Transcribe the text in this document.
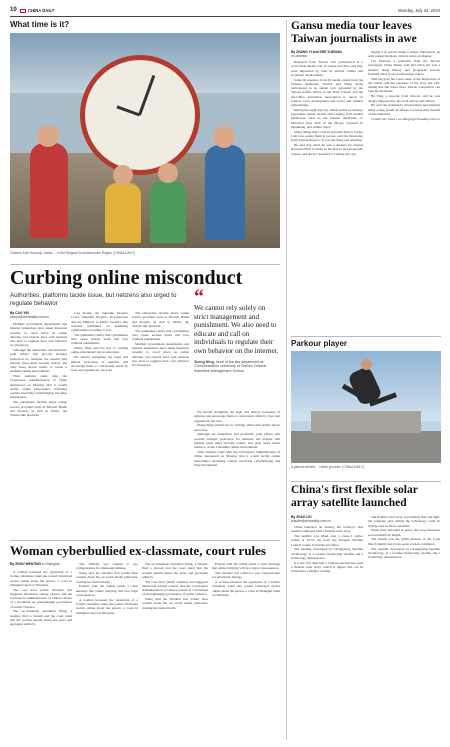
10	CHINA DAILY	Monday, July 24, 2023
What time is it?
Children from Hezuoqi, Gansu ... in the Ningxia Hui Autonomous Region. [CHINA DAILY]
Curbing online misconduct
Authorities, platforms tackle issue, but netizens also urged to regulate behavior
By CAO YIN
caoyin@chinadaily.com.cn

Multiple government departments and internet enterprises have taken measures recently to crack down on online disorder, but experts have said netizens also have to regulate their own behavior in cyberspace.

Although the authorities and platforms' joint efforts will provide stronger protection for netizens, the experts said internet users must become orderly and obey more moral norms to create a healthier online environment.

Their remarks came after the Cyberspace Administration of China announced on Monday that it would rectify online misconduct, including content involving cyberbullying and false information.

The enterprises include major online service providers such as Tencent, Baidu and Douyin, as well as Weibo, the Twitter-like platform.

Last month, the Supreme People's Court, Supreme People's Procuratorate and the Ministry of Public Security also released guidelines on punishing cyberbullies according to law.

The guidelines clarify that cyberbullies who cause serious harm will face criminal punishment.

Zheng Ning said the key to curbing online misconduct lies in education.

We should strengthen the legal and ethical awareness of netizens and encourage them to consciously abide by laws and regulations, she said.

The enterprises include major online service providers such as Tencent, Baidu and Douyin, as well as Weibo, the Twitter-like platform.

The guidelines clarify that cyberbullies who cause serious harm will face criminal punishment.

Multiple government departments and internet enterprises have taken measures recently to crack down on online disorder, but experts have said netizens also have to regulate their own behavior in cyberspace.

“
We cannot rely solely on strict management and punishment. We also need to educate and call on individuals to regulate their own behavior on the internet.
Zheng Ning, head of the law department at Communication University of China's Cultural Industries Management School

We should strengthen the legal and ethical awareness of netizens and encourage them to consciously abide by laws and regulations, she said.

Zheng Ning said the key to curbing online misconduct lies in education.

Although the authorities and platforms' joint efforts will provide stronger protection for netizens, the experts said internet users must become orderly and obey more moral norms to create a healthier online environment.

Their remarks came after the Cyberspace Administration of China announced on Monday that it would rectify online misconduct, including content involving cyberbullying and false information.

Woman cyberbullied ex-classmate, court rules
By ZHOU WENTING in Shanghai

A woman harassed the reputation of a former classmate when she posted fabricated stories online about the person, a court in Shanghai ruled on Thursday.

The case drew public attention and triggered discussion among experts and the Cyberspace Administration of China's release of a document on strengthening governance of online violence.

The ex-classmate surnamed Wang, a student, filed a lawsuit and the court ruled that the woman should delete the posts and apologize publicly.

The offender was ordered to pay compensation for emotional damage.

Wang said the offender had posted false content about her on social media platforms, causing her mental harm.

Experts said the ruling sends a clear message that online bullying will face legal consequences.

A woman harassed the reputation of a former classmate when she posted fabricated stories online about the person, a court in Shanghai ruled on Thursday.

The ex-classmate surnamed Wang, a student, filed a lawsuit and the court ruled that the woman should delete the posts and apologize publicly.

The case drew public attention and triggered discussion among experts and the Cyberspace Administration of China's release of a document on strengthening governance of online violence.

Wang said the offender had posted false content about her on social media platforms, causing her mental harm.

Experts said the ruling sends a clear message that online bullying will face legal consequences.

The offender was ordered to pay compensation for emotional damage.

A woman harassed the reputation of a former classmate when she posted fabricated stories online about the person, a court in Shanghai ruled on Thursday.

Gansu media tour leaves Taiwan journalists in awe
By ZHANG YI and SHE YUEXIAN
in Lanzhou

Reporters from Taiwan who participated in a cross-Strait media tour of Gansu province said they were impressed by both its ancient culture and economic development.

Some 40 reporters from 20 media outlets from the Chinese mainland, Taiwan and Hong Kong participated in an annual tour organized by the Taiwan Affairs Office of the State Council and the All-China Journalists Association to report on Gansu's local development and social and cultural undertakings.

During the eight-day trip, which ended on Sunday, journalists visited various sites ranging from natural landscapes such as the Danxia landforms, to historical sites such as the Mogao Grottoes in Dunhuang, and culture relics.

Many things that I read in previous history books, I am now seeing them in person, said Ou Xiaoliang, from Taiwan Reports. 'It was shocking and amazing.'

He said that when he was a student, he learned about the Hexi Corridor in his history and geography classes, and always dreamed of visiting the city.

Seeing it in person made a deeper impression, he said, noting the many cultural relics on display.

Liu Xiaowei, a journalist from the Taiwan newspaper China Times, said that when she was a student, many history and geography lessons featured cities in the northwestern region.

This trip gave me a true sense of the integration of the culture and the openness of the land, she said, adding that she hopes more Taiwan compatriots can visit the mainland.

He Ting, a reporter from Taiwan, said he was deeply impressed by the local history and culture.

He said the mainland's development had inspired many young people in Taiwan to pursue their dreams on the mainland.

Contact the writers at zhangyi@chinadaily.com.cn

Parkour player
A parkour athlete ... Hebei province. [CHINA DAILY]
China's first flexible solar array satellite launched
By ZHAO LEI
zhaolei@chinadaily.com.cn

China launched on Sunday the country's first satellite equipped with a flexible solar array.

The satellite was lifted atop a Ceres-1 carrier rocket at 10:50 am from the Jiuquan Satellite Launch Center in Northwest China.

The satellite, developed by Changguang Satellite Technology, is a weather monitoring satellite and a technology demonstrator.

It is the first time that a Chinese satellite has used a flexible solar array, which is lighter and can be folded into a smaller volume.

The flexible solar array is extremely thin and light, the company said, adding the technology could be widely used in future satellites.

When fully unfolded in space, the array measures several meters in length.

The launch was the 479th mission of the Long March family and Ceres series rockets combined.

The satellite, developed by Changguang Satellite Technology, is a weather monitoring satellite and a technology demonstrator.
